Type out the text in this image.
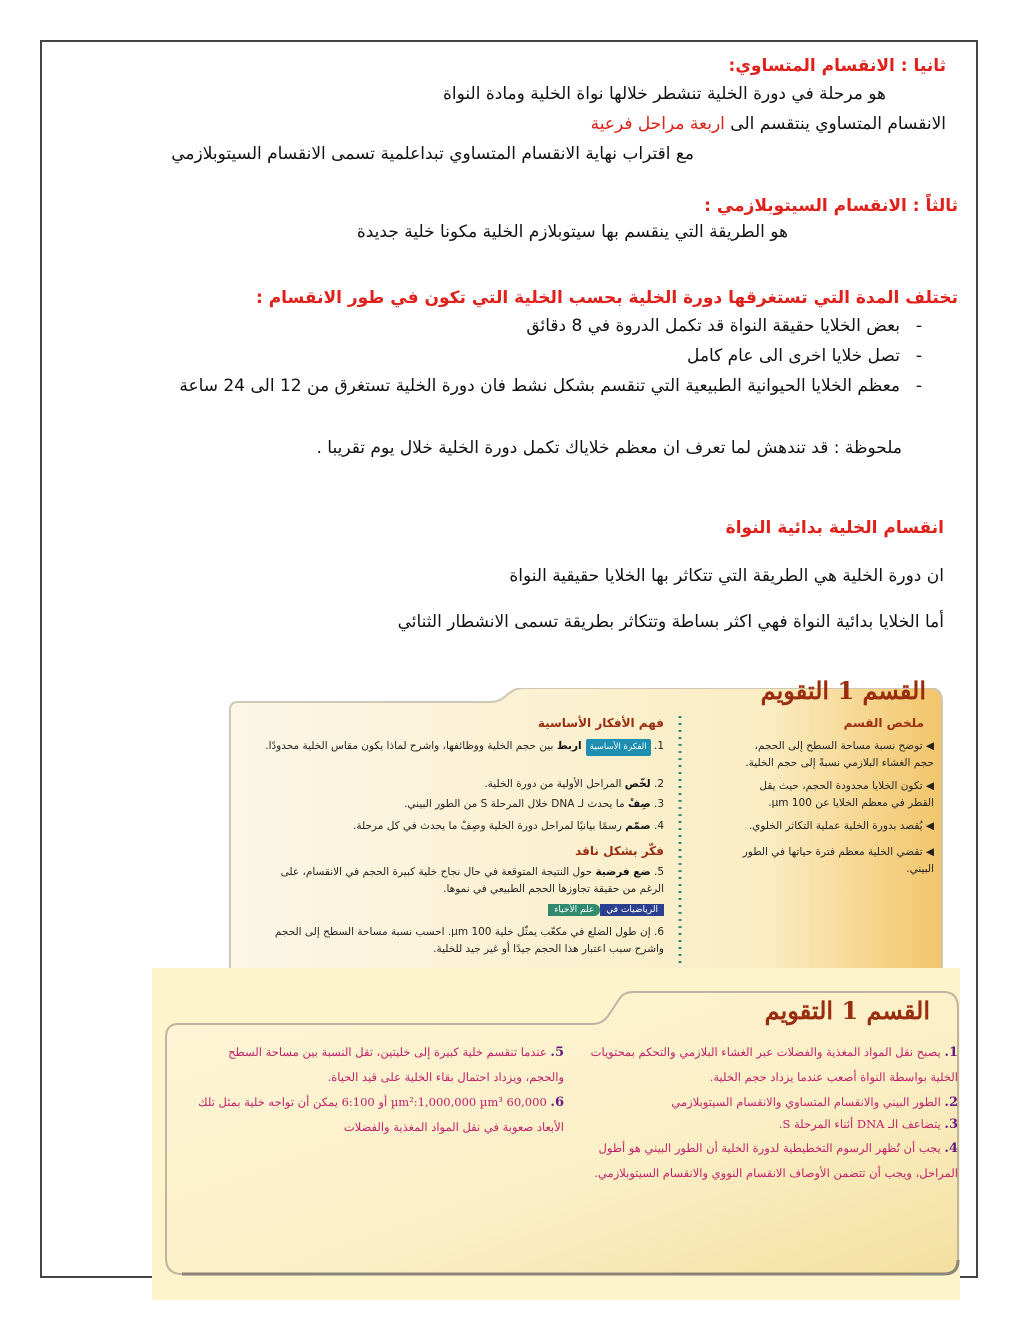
ثانيا : الانقسام المتساوي:
هو مرحلة في دورة الخلية تنشطر خلالها نواة الخلية ومادة النواة
الانقسام المتساوي ينتقسم الى اربعة مراحل فرعية
مع اقتراب نهاية الانقسام المتساوي تبداعلمية تسمى الانقسام السيتوبلازمي
ثالثاً : الانقسام السيتوبلازمي :
هو الطريقة التي ينقسم بها سيتوبلازم الخلية مكونا خلية جديدة
تختلف المدة التي تستغرقها دورة الخلية بحسب الخلية التي تكون في طور الانقسام :
-بعض الخلايا حقيقة النواة قد تكمل الدروة في 8 دقائق
-تصل خلايا اخرى الى عام كامل
-معظم الخلايا الحيوانية الطبيعية التي تنقسم بشكل نشط فان دورة الخلية تستغرق من 12 الى 24 ساعة
ملحوظة : قد تندهش لما تعرف ان معظم خلاياك تكمل دورة الخلية خلال يوم تقريبا .
انقسام الخلية بدائية النواة
ان دورة الخلية هي الطريقة التي تتكاثر بها الخلايا حقيقية النواة
أما الخلايا بدائية النواة فهي اكثر بساطة وتتكاثر بطريقة تسمى الانشطار الثنائي
القسم 1 التقويم
ملخص القسم
◀ توضح نسبة مساحة السطح إلى الحجم، حجم الغشاء البلازمي نسبةً إلى حجم الخلية.
◀ تكون الخلايا محدودة الحجم، حيث يقل القطر في معظم الخلايا عن 100 µm.
◀ يُقصد بدورة الخلية عملية التكاثر الخلوي.
◀ تقضي الخلية معظم فترة حياتها في الطور البيني.
فهم الأفكار الأساسية
1. الفكرة الأساسيةاربط بين حجم الخلية ووظائفها، واشرح لماذا يكون مقاس الخلية محدودًا.
2. لخّص المراحل الأولية من دورة الخلية.
3. صِفْ ما يحدث لـ DNA خلال المرحلة S من الطور البيني.
4. صمّم رسمًا بيانيًا لمراحل دورة الخلية وصِفْ ما يحدث في كل مرحلة.
فكّر بشكل ناقد
5. ضع فرضية حول النتيجة المتوقعة في حال نجاح خلية كبيرة الحجم في الانقسام، على الرغم من حقيقة تجاوزها الحجم الطبيعي في نموها.
الرياضيات فيعلم الأحياء
6. إن طول الضلع في مكعّب يمثّل خلية 100 µm. احسب نسبة مساحة السطح إلى الحجم واشرح سبب اعتبار هذا الحجم جيدًا أو غير جيد للخلية.
القسم 1 التقويم
1. يصبح نقل المواد المغذية والفضلات عبر الغشاء البلازمي والتحكم بمحتويات الخلية بواسطة النواة أصعب عندما يزداد حجم الخلية.
2. الطور البيني والانقسام المتساوي والانقسام السيتوبلازمي
3. يتضاعف الـ DNA أثناء المرحلة S.
4. يجب أن تُظهر الرسوم التخطيطية لدورة الخلية أن الطور البيني هو أطول المراحل، ويجب أن تتضمن الأوصاف الانقسام النووي والانقسام السيتوبلازمي.
5. عندما تنقسم خلية كبيرة إلى خليتين، تقل النسبة بين مساحة السطح والحجم، ويزداد احتمال بقاء الخلية على قيد الحياة.
6. 60,000 µm²:1,000,000 µm³ أو 6:100 يمكن أن تواجه خلية بمثل تلك الأبعاد صعوبة في نقل المواد المغذية والفضلات
